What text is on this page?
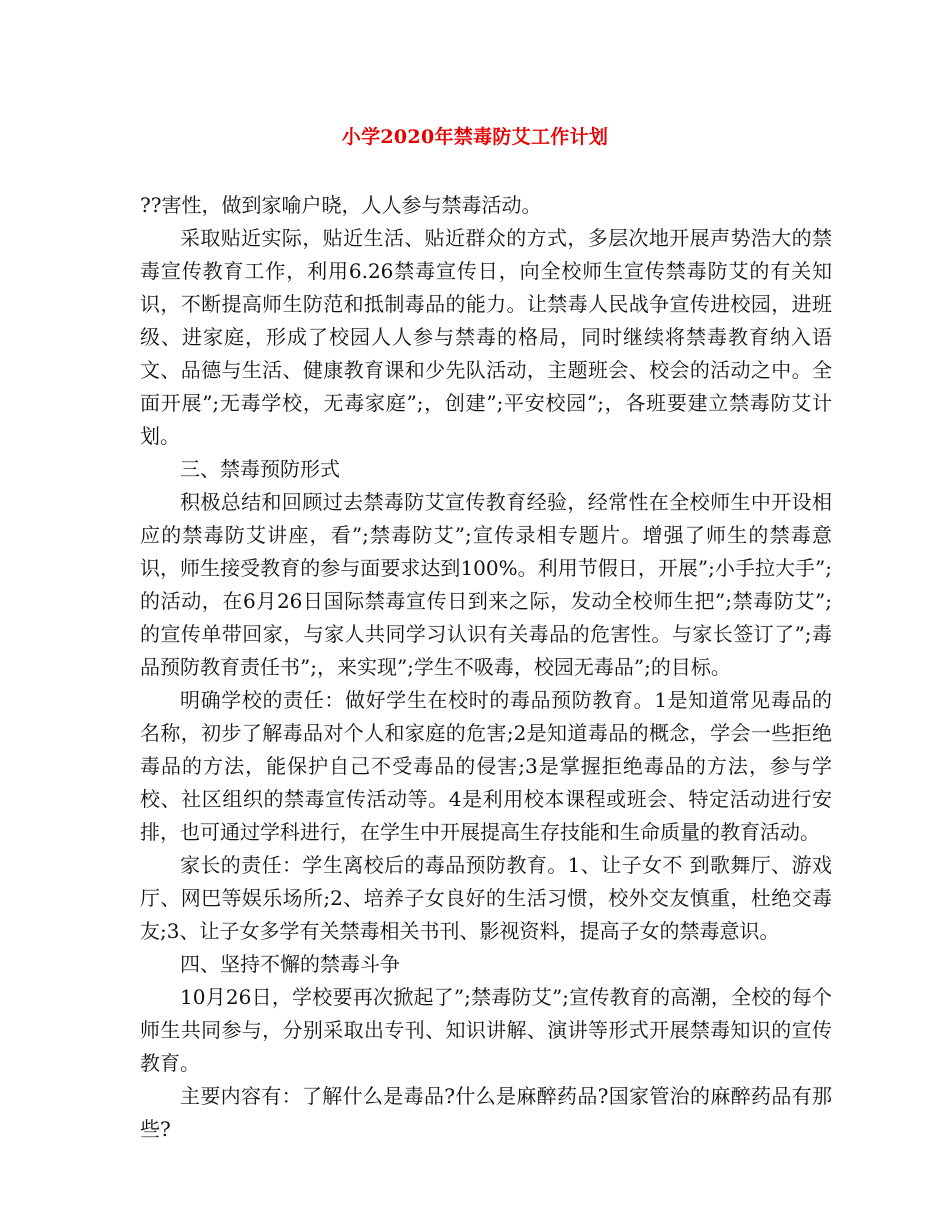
小学2020年禁毒防艾工作计划

??害性，做到家喻户晓，人人参与禁毒活动。

采取贴近实际，贴近生活、贴近群众的方式，多层次地开展声势浩大的禁毒宣传教育工作，利用6.26禁毒宣传日，向全校师生宣传禁毒防艾的有关知识，不断提高师生防范和抵制毒品的能力。让禁毒人民战争宣传进校园，进班级、进家庭，形成了校园人人参与禁毒的格局，同时继续将禁毒教育纳入语文、品德与生活、健康教育课和少先队活动，主题班会、校会的活动之中。全面开展”;无毒学校，无毒家庭”;，创建”;平安校园”;，各班要建立禁毒防艾计划。

三、禁毒预防形式

积极总结和回顾过去禁毒防艾宣传教育经验，经常性在全校师生中开设相应的禁毒防艾讲座，看”;禁毒防艾”;宣传录相专题片。增强了师生的禁毒意识，师生接受教育的参与面要求达到100%。利用节假日，开展”;小手拉大手”;的活动，在6月26日国际禁毒宣传日到来之际，发动全校师生把”;禁毒防艾”;的宣传单带回家，与家人共同学习认识有关毒品的危害性。与家长签订了”;毒品预防教育责任书”;，来实现”;学生不吸毒，校园无毒品”;的目标。

明确学校的责任：做好学生在校时的毒品预防教育。1是知道常见毒品的名称，初步了解毒品对个人和家庭的危害;2是知道毒品的概念，学会一些拒绝毒品的方法，能保护自己不受毒品的侵害;3是掌握拒绝毒品的方法，参与学校、社区组织的禁毒宣传活动等。4是利用校本课程或班会、特定活动进行安排，也可通过学科进行，在学生中开展提高生存技能和生命质量的教育活动。

家长的责任：学生离校后的毒品预防教育。1、让子女不 到歌舞厅、游戏厅、网巴等娱乐场所;2、培养子女良好的生活习惯，校外交友慎重，杜绝交毒友;3、让子女多学有关禁毒相关书刊、影视资料，提高子女的禁毒意识。

四、坚持不懈的禁毒斗争

10月26日，学校要再次掀起了”;禁毒防艾”;宣传教育的高潮，全校的每个师生共同参与，分别采取出专刊、知识讲解、演讲等形式开展禁毒知识的宣传教育。

主要内容有：了解什么是毒品?什么是麻醉药品?国家管治的麻醉药品有那些?
